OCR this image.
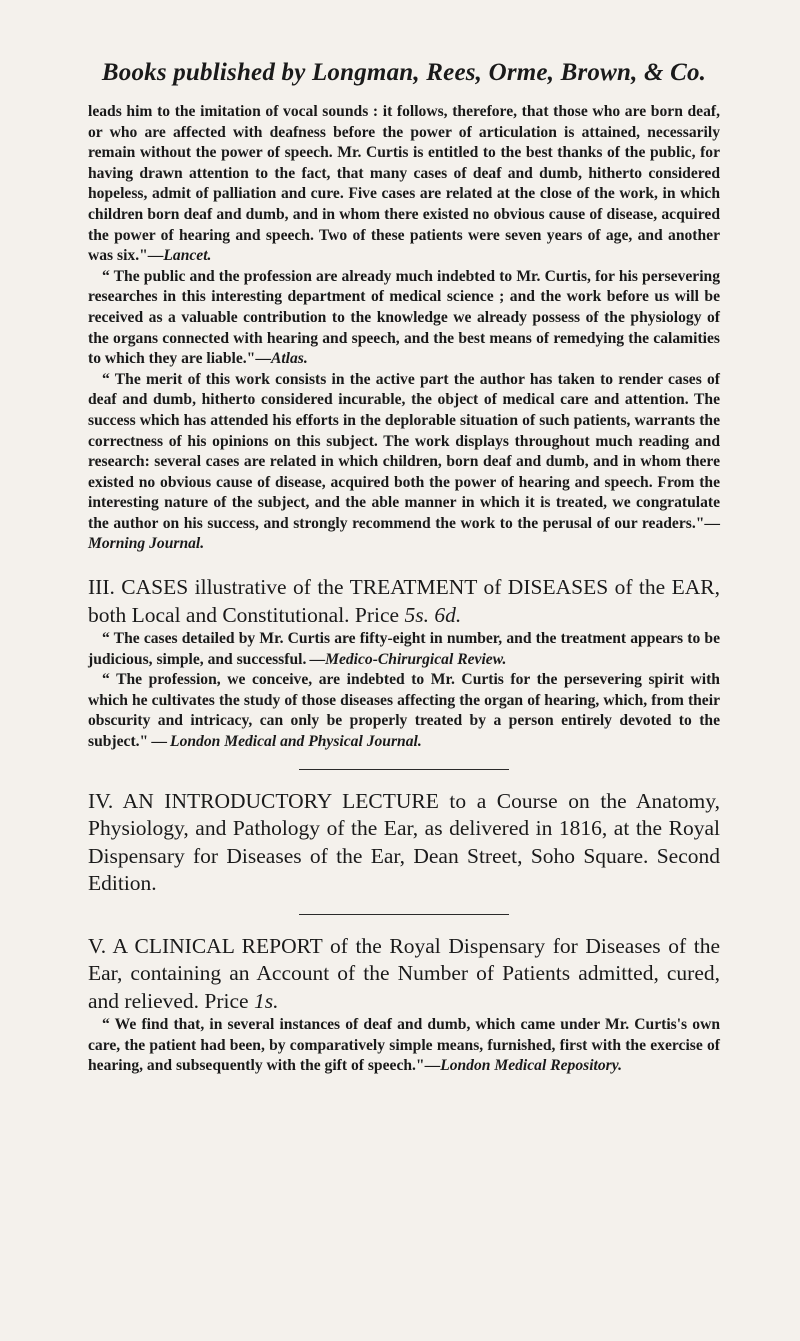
Books published by Longman, Rees, Orme, Brown, & Co.

leads him to the imitation of vocal sounds : it follows, therefore, that those who are born deaf, or who are affected with deafness before the power of articulation is attained, necessarily remain without the power of speech. Mr. Curtis is entitled to the best thanks of the public, for having drawn attention to the fact, that many cases of deaf and dumb, hitherto considered hopeless, admit of palliation and cure. Five cases are related at the close of the work, in which children born deaf and dumb, and in whom there existed no obvious cause of disease, acquired the power of hearing and speech. Two of these patients were seven years of age, and another was six."—Lancet.

“ The public and the profession are already much indebted to Mr. Curtis, for his persevering researches in this interesting department of medical science ; and the work before us will be received as a valuable contribution to the knowledge we already possess of the physiology of the organs connected with hearing and speech, and the best means of remedying the calamities to which they are liable."—Atlas.

“ The merit of this work consists in the active part the author has taken to render cases of deaf and dumb, hitherto considered incurable, the object of medical care and attention. The success which has attended his efforts in the deplorable situation of such patients, warrants the correctness of his opinions on this subject. The work displays throughout much reading and research: several cases are related in which children, born deaf and dumb, and in whom there existed no obvious cause of disease, acquired both the power of hearing and speech. From the interesting nature of the subject, and the able manner in which it is treated, we congratulate the author on his success, and strongly recommend the work to the perusal of our readers."—Morning Journal.

III. CASES illustrative of the TREATMENT of DISEASES of the EAR, both Local and Constitutional. Price 5s. 6d.

“ The cases detailed by Mr. Curtis are fifty-eight in number, and the treatment appears to be judicious, simple, and successful. —Medico-Chirurgical Review.

“ The profession, we conceive, are indebted to Mr. Curtis for the persevering spirit with which he cultivates the study of those diseases affecting the organ of hearing, which, from their obscurity and intricacy, can only be properly treated by a person entirely devoted to the subject." — London Medical and Physical Journal.

IV. AN INTRODUCTORY LECTURE to a Course on the Anatomy, Physiology, and Pathology of the Ear, as delivered in 1816, at the Royal Dispensary for Diseases of the Ear, Dean Street, Soho Square. Second Edition.

V. A CLINICAL REPORT of the Royal Dispensary for Diseases of the Ear, containing an Account of the Number of Patients admitted, cured, and relieved. Price 1s.

“ We find that, in several instances of deaf and dumb, which came under Mr. Curtis's own care, the patient had been, by comparatively simple means, furnished, first with the exercise of hearing, and subsequently with the gift of speech."—London Medical Repository.
